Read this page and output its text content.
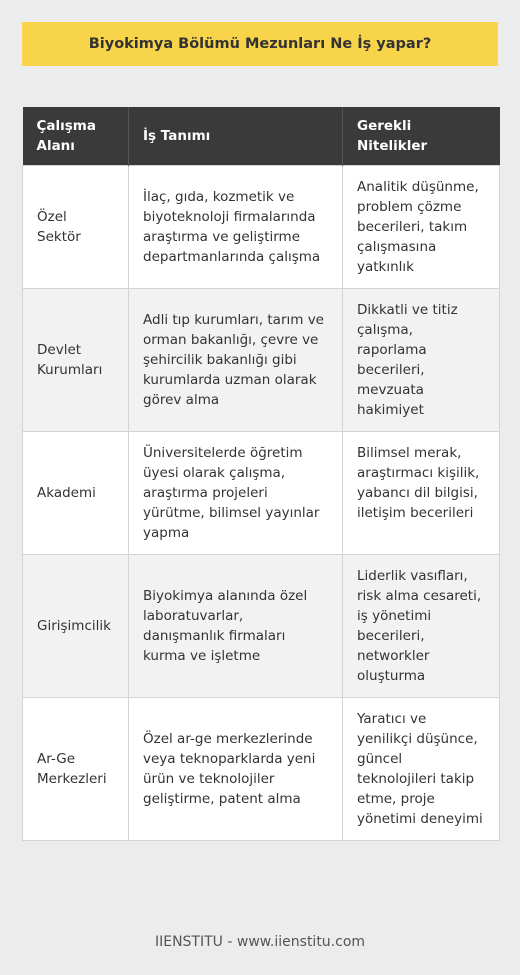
Biyokimya Bölümü Mezunları Ne İş yapar?
Çalışma Alanı	İş Tanımı	Gerekli Nitelikler
Özel Sektör	İlaç, gıda, kozmetik ve biyoteknoloji firmalarında araştırma ve geliştirme departmanlarında çalışma	Analitik düşünme, problem çözme becerileri, takım çalışmasına yatkınlık
Devlet Kurumları	Adli tıp kurumları, tarım ve orman bakanlığı, çevre ve şehircilik bakanlığı gibi kurumlarda uzman olarak görev alma	Dikkatli ve titiz çalışma, raporlama becerileri, mevzuata hakimiyet
Akademi	Üniversitelerde öğretim üyesi olarak çalışma, araştırma projeleri yürütme, bilimsel yayınlar yapma	Bilimsel merak, araştırmacı kişilik, yabancı dil bilgisi, iletişim becerileri
Girişimcilik	Biyokimya alanında özel laboratuvarlar, danışmanlık firmaları kurma ve işletme	Liderlik vasıfları, risk alma cesareti, iş yönetimi becerileri, networkler oluşturma
Ar-Ge Merkezleri	Özel ar-ge merkezlerinde veya teknoparklarda yeni ürün ve teknolojiler geliştirme, patent alma	Yaratıcı ve yenilikçi düşünce, güncel teknolojileri takip etme, proje yönetimi deneyimi
IIENSTITU - www.iienstitu.com
